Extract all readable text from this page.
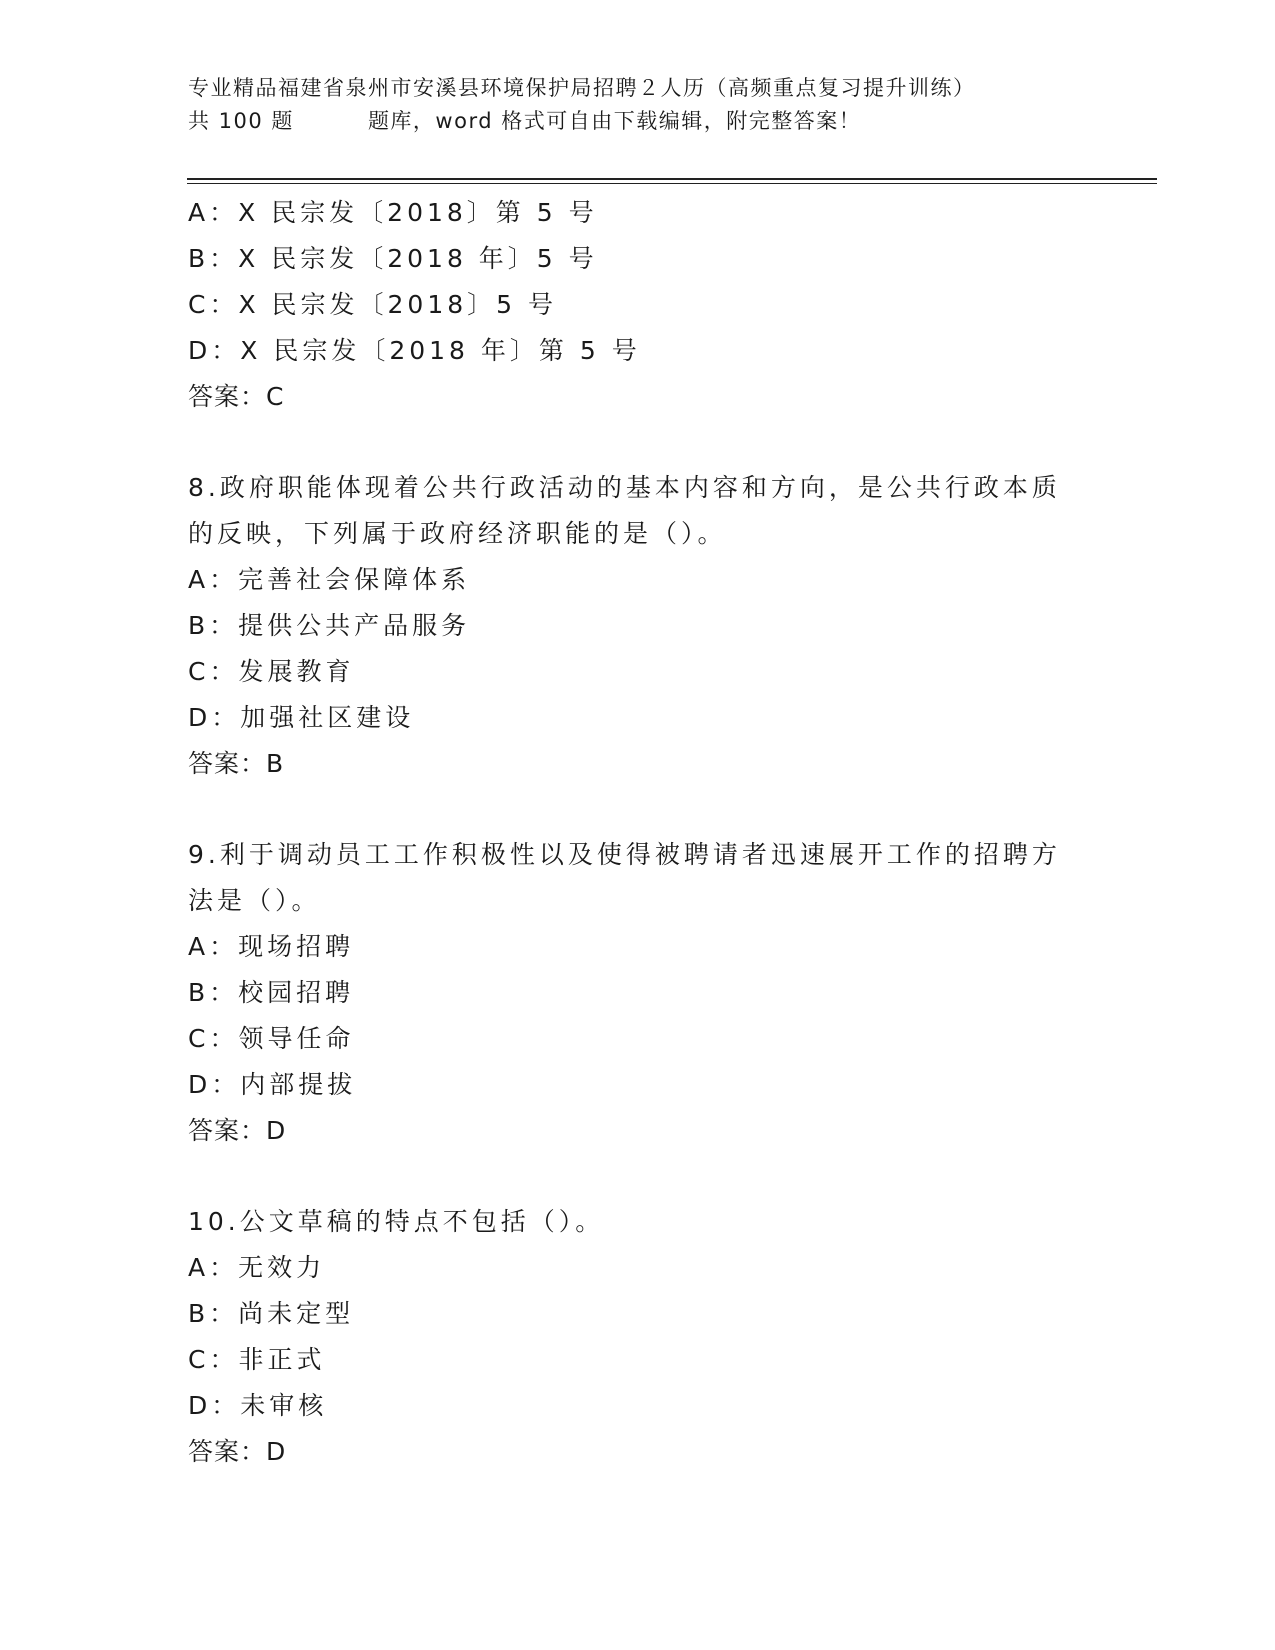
专业精品福建省泉州市安溪县环境保护局招聘２人历（高频重点复习提升训练）
共 100 题	题库，word 格式可自由下载编辑，附完整答案！
A：X 民宗发〔2018〕第 5 号
B：X 民宗发〔2018 年〕5 号
C：X 民宗发〔2018〕5 号
D：X 民宗发〔2018 年〕第 5 号
答案：C
8.政府职能体现着公共行政活动的基本内容和方向，是公共行政本质
的反映，下列属于政府经济职能的是（）。
A：完善社会保障体系
B：提供公共产品服务
C：发展教育
D：加强社区建设
答案：B
9.利于调动员工工作积极性以及使得被聘请者迅速展开工作的招聘方
法是（）。
A：现场招聘
B：校园招聘
C：领导任命
D：内部提拔
答案：D
10.公文草稿的特点不包括（）。
A：无效力
B：尚未定型
C：非正式
D：未审核
答案：D
